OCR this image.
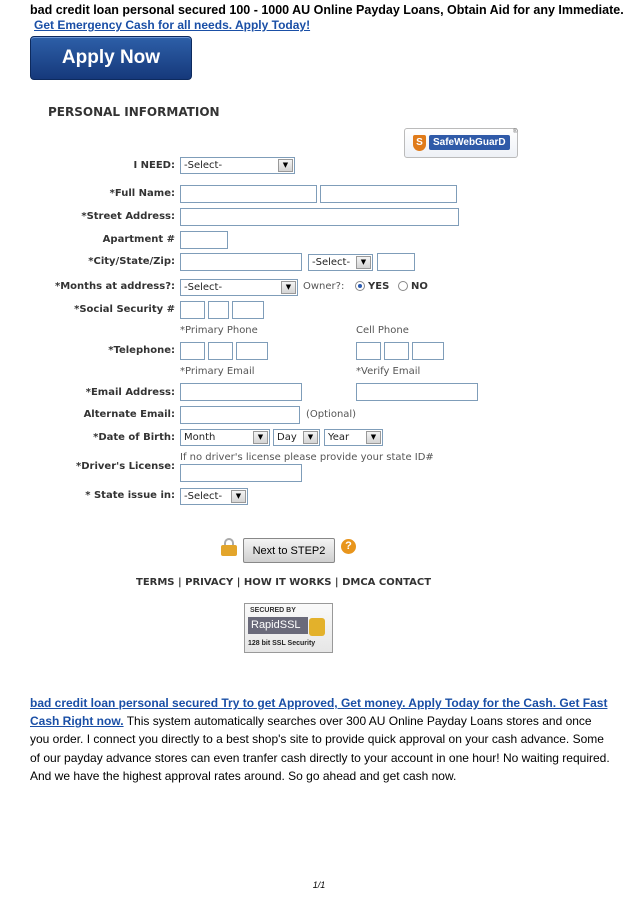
bad credit loan personal secured 100 - 1000 AU Online Payday Loans, Obtain Aid for any Immediate.
Get Emergency Cash for all needs. Apply Today!
Apply Now
PERSONAL INFORMATION
S	SafeWebGuarD
®
I NEED: -Select-	▼
*Full Name:
*Street Address:
Apartment #
*City/State/Zip:	-Select-	▼
*Months at address?: -Select-	▼	Owner?: YES NO
*Social Security #
*Primary Phone	Cell Phone
*Telephone:
*Primary Email	*Verify Email
*Email Address:
Alternate Email:	(Optional)
*Date of Birth: Month	▼	Day	▼	Year	▼
If no driver's license please provide your state ID#
*Driver's License:
* State issue in: -Select-	▼
Next to STEP2	?
TERMS | PRIVACY | HOW IT WORKS | DMCA CONTACT
SECURED BY
RapidSSL
128 bit SSL Security
bad credit loan personal secured Try to get Approved, Get money. Apply Today for the Cash. Get Fast Cash Right now. This system automatically searches over 300 AU Online Payday Loans stores and once you order. I connect you directly to a best shop's site to provide quick approval on your cash advance. Some of our payday advance stores can even tranfer cash directly to your account in one hour! No waiting required. And we have the highest approval rates around. So go ahead and get cash now.
1/1
